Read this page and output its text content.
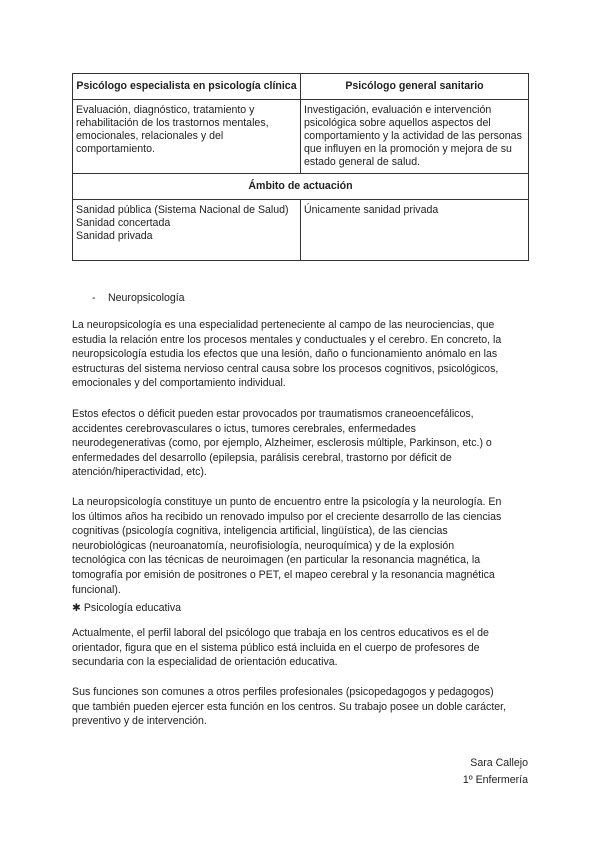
Psicólogo especialista en psicología clínica	Psicólogo general sanitario
Evaluación, diagnóstico, tratamiento y rehabilitación de los trastornos mentales, emocionales, relacionales y del comportamiento.	Investigación, evaluación e intervención psicológica sobre aquellos aspectos del comportamiento y la actividad de las personas que influyen en la promoción y mejora de su estado general de salud.
Ámbito de actuación	

Sanidad pública (Sistema Nacional de Salud)
Sanidad concertada
Sanidad privada	Únicamente sanidad privada
- Neuropsicología
La neuropsicología es una especialidad perteneciente al campo de las neurociencias, que
estudia la relación entre los procesos mentales y conductuales y el cerebro. En concreto, la
neuropsicología estudia los efectos que una lesión, daño o funcionamiento anómalo en las
estructuras del sistema nervioso central causa sobre los procesos cognitivos, psicológicos,
emocionales y del comportamiento individual.
Estos efectos o déficit pueden estar provocados por traumatismos craneoencefálicos,
accidentes cerebrovasculares o ictus, tumores cerebrales, enfermedades
neurodegenerativas (como, por ejemplo, Alzheimer, esclerosis múltiple, Parkinson, etc.) o
enfermedades del desarrollo (epilepsia, parálisis cerebral, trastorno por déficit de
atención/hiperactividad, etc).
La neuropsicología constituye un punto de encuentro entre la psicología y la neurología. En
los últimos años ha recibido un renovado impulso por el creciente desarrollo de las ciencias
cognitivas (psicología cognitiva, inteligencia artificial, lingüística), de las ciencias
neurobiológicas (neuroanatomía, neurofisiología, neuroquímica) y de la explosión
tecnológica con las técnicas de neuroimagen (en particular la resonancia magnética, la
tomografía por emisión de positrones o PET, el mapeo cerebral y la resonancia magnética
funcional).
✱ Psicología educativa
Actualmente, el perfil laboral del psicólogo que trabaja en los centros educativos es el de
orientador, figura que en el sistema público está incluida en el cuerpo de profesores de
secundaria con la especialidad de orientación educativa.
Sus funciones son comunes a otros perfiles profesionales (psicopedagogos y pedagogos)
que también pueden ejercer esta función en los centros. Su trabajo posee un doble carácter,
preventivo y de intervención.
Sara Callejo
1º Enfermería
